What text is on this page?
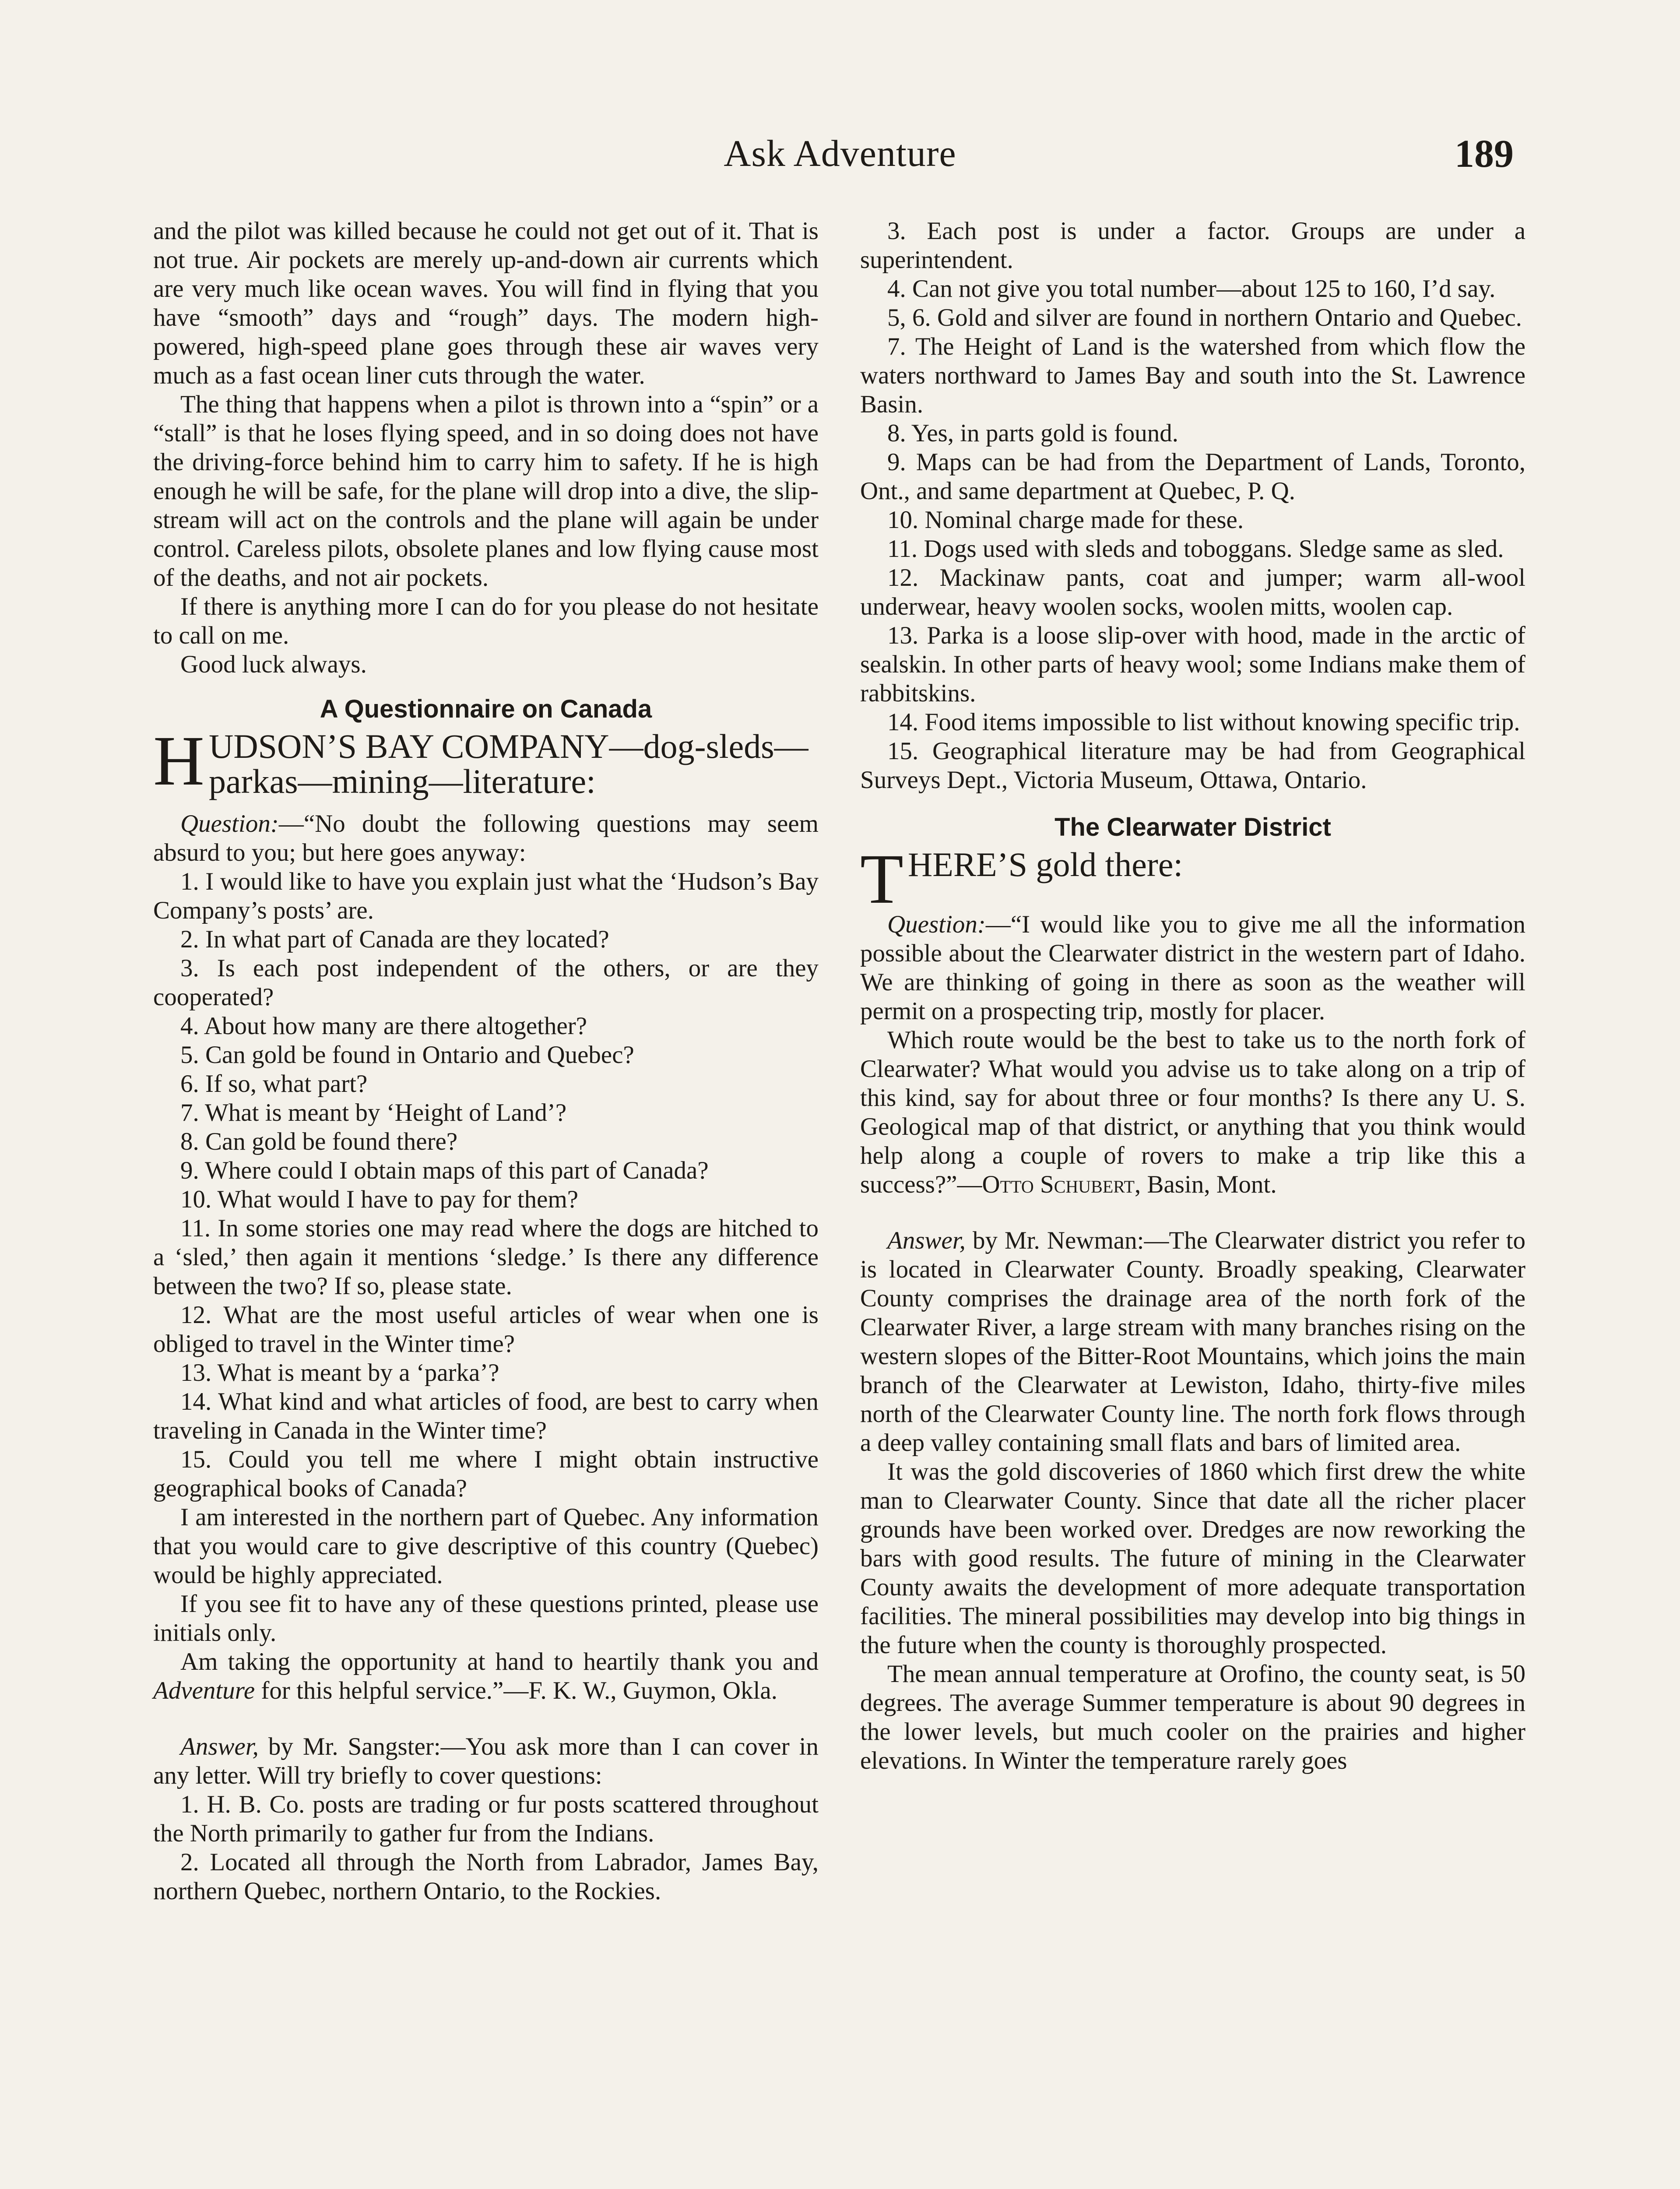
Ask Adventure	189

and the pilot was killed because he could not get out of it. That is not true. Air pockets are merely up-and-down air currents which are very much like ocean waves. You will find in flying that you have “smooth” days and “rough” days. The modern high-powered, high-speed plane goes through these air waves very much as a fast ocean liner cuts through the water.

The thing that happens when a pilot is thrown into a “spin” or a “stall” is that he loses flying speed, and in so doing does not have the driving-force behind him to carry him to safety. If he is high enough he will be safe, for the plane will drop into a dive, the slip-stream will act on the controls and the plane will again be under control. Careless pilots, obsolete planes and low flying cause most of the deaths, and not air pockets.

If there is anything more I can do for you please do not hesitate to call on me.

Good luck always.

A Questionnaire on Canada
H UDSON’S BAY COMPANY—dog-sleds—parkas—mining—literature:

Question:—“No doubt the following questions may seem absurd to you; but here goes anyway:

1. I would like to have you explain just what the ‘Hudson’s Bay Company’s posts’ are.

2. In what part of Canada are they located?

3. Is each post independent of the others, or are they cooperated?

4. About how many are there altogether?

5. Can gold be found in Ontario and Quebec?

6. If so, what part?

7. What is meant by ‘Height of Land’?

8. Can gold be found there?

9. Where could I obtain maps of this part of Canada?

10. What would I have to pay for them?

11. In some stories one may read where the dogs are hitched to a ‘sled,’ then again it mentions ‘sledge.’ Is there any difference between the two? If so, please state.

12. What are the most useful articles of wear when one is obliged to travel in the Winter time?

13. What is meant by a ‘parka’?

14. What kind and what articles of food, are best to carry when traveling in Canada in the Winter time?

15. Could you tell me where I might obtain instructive geographical books of Canada?

I am interested in the northern part of Quebec. Any information that you would care to give descriptive of this country (Quebec) would be highly appreciated.

If you see fit to have any of these questions printed, please use initials only.

Am taking the opportunity at hand to heartily thank you and Adventure for this helpful service.”—F. K. W., Guymon, Okla.

Answer, by Mr. Sangster:—You ask more than I can cover in any letter. Will try briefly to cover questions:

1. H. B. Co. posts are trading or fur posts scattered throughout the North primarily to gather fur from the Indians.

2. Located all through the North from Labrador, James Bay, northern Quebec, northern Ontario, to the Rockies.

3. Each post is under a factor. Groups are under a superintendent.

4. Can not give you total number—about 125 to 160, I’d say.

5, 6. Gold and silver are found in northern Ontario and Quebec.

7. The Height of Land is the watershed from which flow the waters northward to James Bay and south into the St. Lawrence Basin.

8. Yes, in parts gold is found.

9. Maps can be had from the Department of Lands, Toronto, Ont., and same department at Quebec, P. Q.

10. Nominal charge made for these.

11. Dogs used with sleds and toboggans. Sledge same as sled.

12. Mackinaw pants, coat and jumper; warm all-wool underwear, heavy woolen socks, woolen mitts, woolen cap.

13. Parka is a loose slip-over with hood, made in the arctic of sealskin. In other parts of heavy wool; some Indians make them of rabbitskins.

14. Food items impossible to list without knowing specific trip.

15. Geographical literature may be had from Geographical Surveys Dept., Victoria Museum, Ottawa, Ontario.

The Clearwater District
T HERE’S gold there:

Question:—“I would like you to give me all the information possible about the Clearwater district in the western part of Idaho. We are thinking of going in there as soon as the weather will permit on a prospecting trip, mostly for placer.

Which route would be the best to take us to the north fork of Clearwater? What would you advise us to take along on a trip of this kind, say for about three or four months? Is there any U. S. Geological map of that district, or anything that you think would help along a couple of rovers to make a trip like this a success?”—Otto Schubert, Basin, Mont.

Answer, by Mr. Newman:—The Clearwater district you refer to is located in Clearwater County. Broadly speaking, Clearwater County comprises the drainage area of the north fork of the Clearwater River, a large stream with many branches rising on the western slopes of the Bitter-Root Mountains, which joins the main branch of the Clearwater at Lewiston, Idaho, thirty-five miles north of the Clearwater County line. The north fork flows through a deep valley containing small flats and bars of limited area.

It was the gold discoveries of 1860 which first drew the white man to Clearwater County. Since that date all the richer placer grounds have been worked over. Dredges are now reworking the bars with good results. The future of mining in the Clearwater County awaits the development of more adequate transportation facilities. The mineral possibilities may develop into big things in the future when the county is thoroughly prospected.

The mean annual temperature at Orofino, the county seat, is 50 degrees. The average Summer temperature is about 90 degrees in the lower levels, but much cooler on the prairies and higher elevations. In Winter the temperature rarely goes
